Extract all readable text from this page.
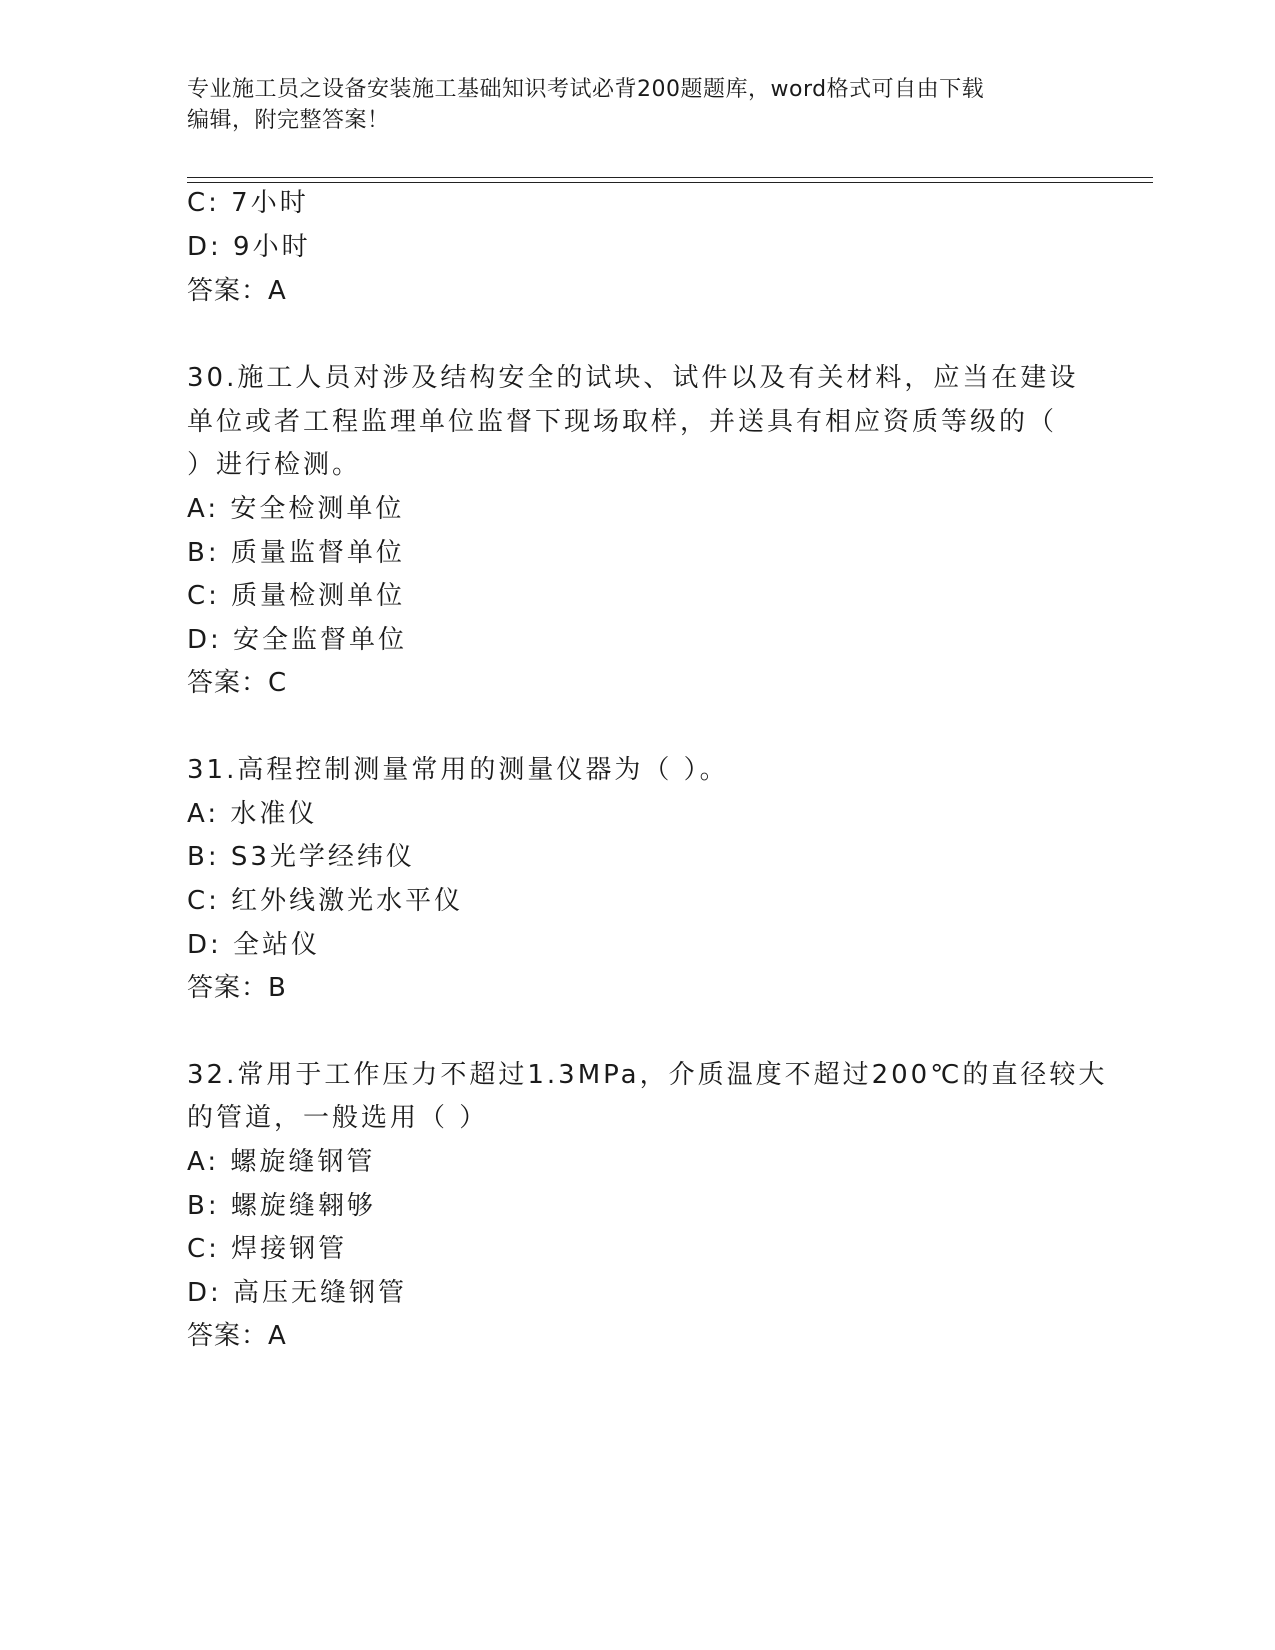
专业施工员之设备安装施工基础知识考试必背200题题库，word格式可自由下载
编辑，附完整答案！
C: 7小时
D: 9小时
答案：A
30.施工人员对涉及结构安全的试块、试件以及有关材料，应当在建设
单位或者工程监理单位监督下现场取样，并送具有相应资质等级的（
）进行检测。
A: 安全检测单位
B: 质量监督单位
C: 质量检测单位
D: 安全监督单位
答案：C
31.高程控制测量常用的测量仪器为（ ）。
A: 水准仪
B: S3光学经纬仪
C: 红外线激光水平仪
D: 全站仪
答案：B
32.常用于工作压力不超过1.3MPa，介质温度不超过200℃的直径较大
的管道，一般选用（ ）
A: 螺旋缝钢管
B: 螺旋缝翱够
C: 焊接钢管
D: 高压无缝钢管
答案：A
